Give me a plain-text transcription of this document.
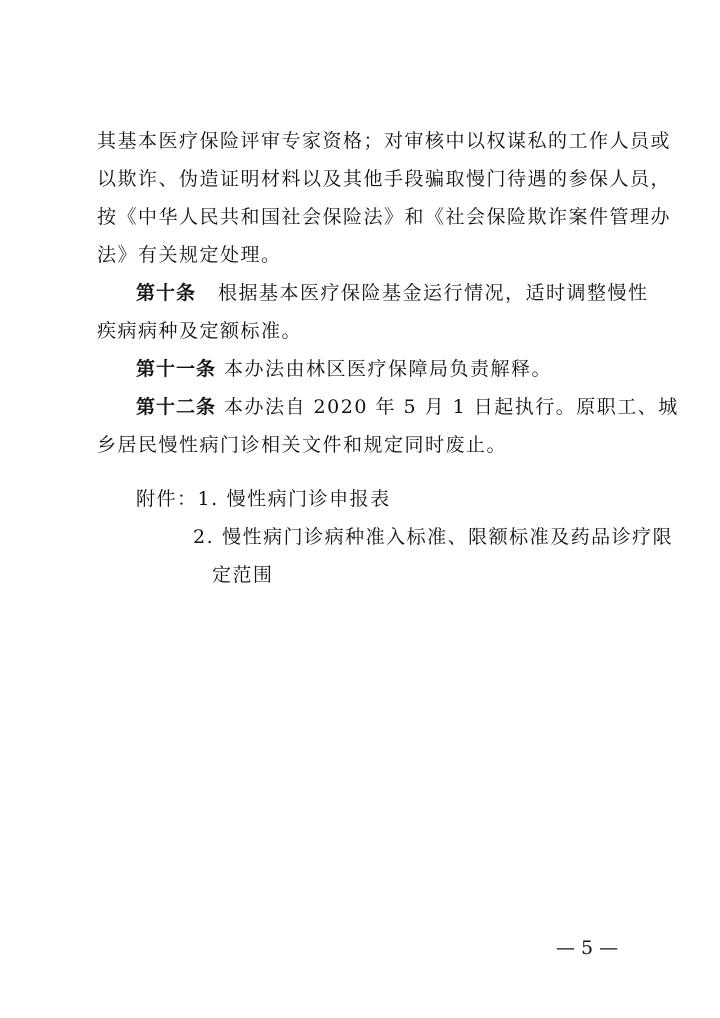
其基本医疗保险评审专家资格；对审核中以权谋私的工作人员或
以欺诈、伪造证明材料以及其他手段骗取慢门待遇的参保人员，
按《中华人民共和国社会保险法》和《社会保险欺诈案件管理办
法》有关规定处理。
第十条 根据基本医疗保险基金运行情况，适时调整慢性
疾病病种及定额标准。
第十一条 本办法由林区医疗保障局负责解释。
第十二条 本办法自 2020 年 5 月 1 日起执行。原职工、城
乡居民慢性病门诊相关文件和规定同时废止。
附件：1. 慢性病门诊申报表
2. 慢性病门诊病种准入标准、限额标准及药品诊疗限
定范围
— 5 —
